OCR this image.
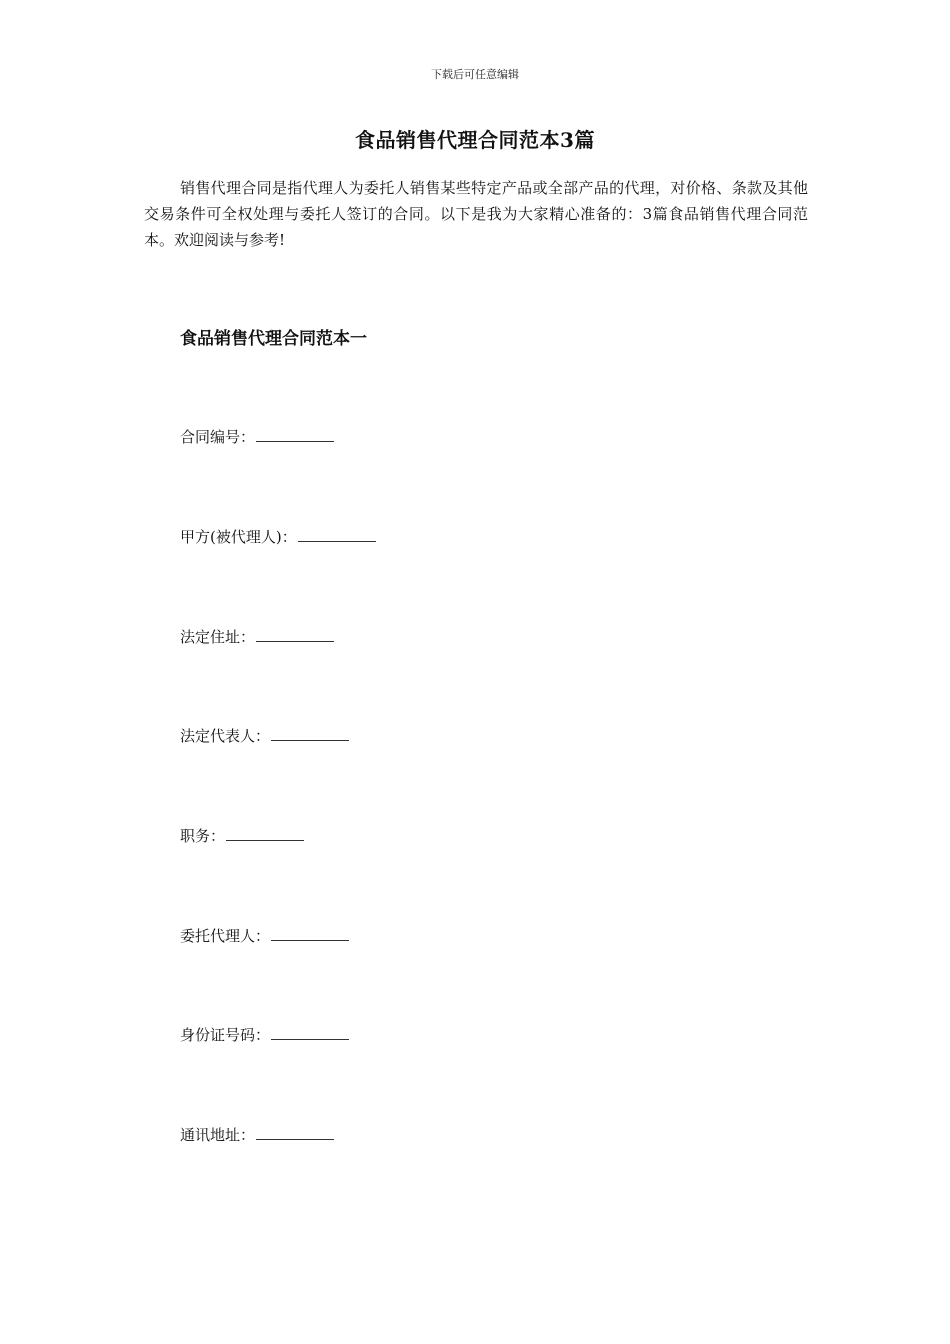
下载后可任意编辑
食品销售代理合同范本3篇

销售代理合同是指代理人为委托人销售某些特定产品或全部产品的代理，对价格、条款及其他交易条件可全权处理与委托人签订的合同。以下是我为大家精心准备的：3篇食品销售代理合同范本。欢迎阅读与参考!

食品销售代理合同范本一
合同编号：
甲方(被代理人)：
法定住址：
法定代表人：
职务：
委托代理人：
身份证号码：
通讯地址：
